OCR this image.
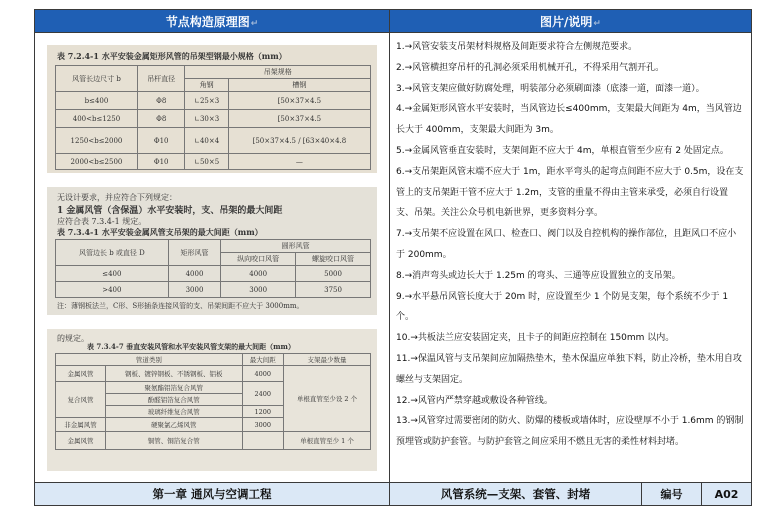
节点构造原理图↵	图片/说明↵

表 7.2.4-1 水平安装金属矩形风管的吊架型钢最小规格（mm）
风管长边尺寸 b	吊杆直径	吊架规格
角钢	槽钢
b≤400	Φ8	∟25×3	[50×37×4.5
400<b≤1250	Φ8	∟30×3	[50×37×4.5
1250<b≤2000	Φ10	∟40×4	[50×37×4.5 / [63×40×4.8
2000<b≤2500	Φ10	∟50×5	—
无设计要求，并应符合下列规定：
1 金属风管（含保温）水平安装时，支、吊架的最大间距
应符合表 7.3.4-1 规定。
表 7.3.4-1 水平安装金属风管支吊架的最大间距（mm）
风管边长 b 或直径 D	矩形风管	圆形风管
纵向咬口风管	螺旋咬口风管
≤400	4000	4000	5000
>400	3000	3000	3750
注：薄钢板法兰，C形、S形插条连接风管的支、吊架间距不应大于 3000mm。
的规定。
表 7.3.4-7 垂直安装风管和水平安装风管支架的最大间距（mm）
管道类别	最大间距	支架最少数量
金属风管	钢板、镀锌钢板、不锈钢板、铝板	4000	单根直管至少设 2 个
复合风管	聚氨酯铝箔复合风管	2400
酚醛铝箔复合风管
玻璃纤维复合风管	1200
非金属风管	硬聚氯乙烯风管	3000
金属风管	铜管、铜箔复合管		单根直管至少 1 个

1.→风管安装支吊架材料规格及间距要求符合左侧规范要求。

2.→风管横担穿吊杆的孔洞必须采用机械开孔，不得采用气割开孔。

3.→风管支架应做好防腐处理，明装部分必须刷面漆（底漆一道，面漆一道）。

4.→金属矩形风管水平安装时，当风管边长≤400mm，支架最大间距为 4m，当风管边长大于 400mm，支架最大间距为 3m。

5.→金属风管垂直安装时，支架间距不应大于 4m，单根直管至少应有 2 处固定点。

6.→支吊架距风管末端不应大于 1m，距水平弯头的起弯点间距不应大于 0.5m，设在支管上的支吊架距干管不应大于 1.2m，支管的重量不得由主管来承受，必须自行设置支、吊架。关注公众号机电新世界，更多资料分享。

7.→支吊架不应设置在风口、检查口、阀门以及自控机构的操作部位，且距风口不应小于 200mm。

8.→消声弯头或边长大于 1.25m 的弯头、三通等应设置独立的支吊架。

9.→水平悬吊风管长度大于 20m 时，应设置至少 1 个防晃支架，每个系统不少于 1 个。

10.→共板法兰应安装固定夹，且卡子的间距应控制在 150mm 以内。

11.→保温风管与支吊架间应加隔热垫木，垫木保温应单独下料，防止冷桥，垫木用自攻螺丝与支架固定。

12.→风管内严禁穿越或敷设各种管线。

13.→风管穿过需要密闭的防火、防爆的楼板或墙体时，应设壁厚不小于 1.6mm 的钢制预埋管或防护套管。与防护套管之间应采用不燃且无害的柔性材料封堵。

第一章 通风与空调工程	风管系统—支架、套管、封堵	编号	A02
